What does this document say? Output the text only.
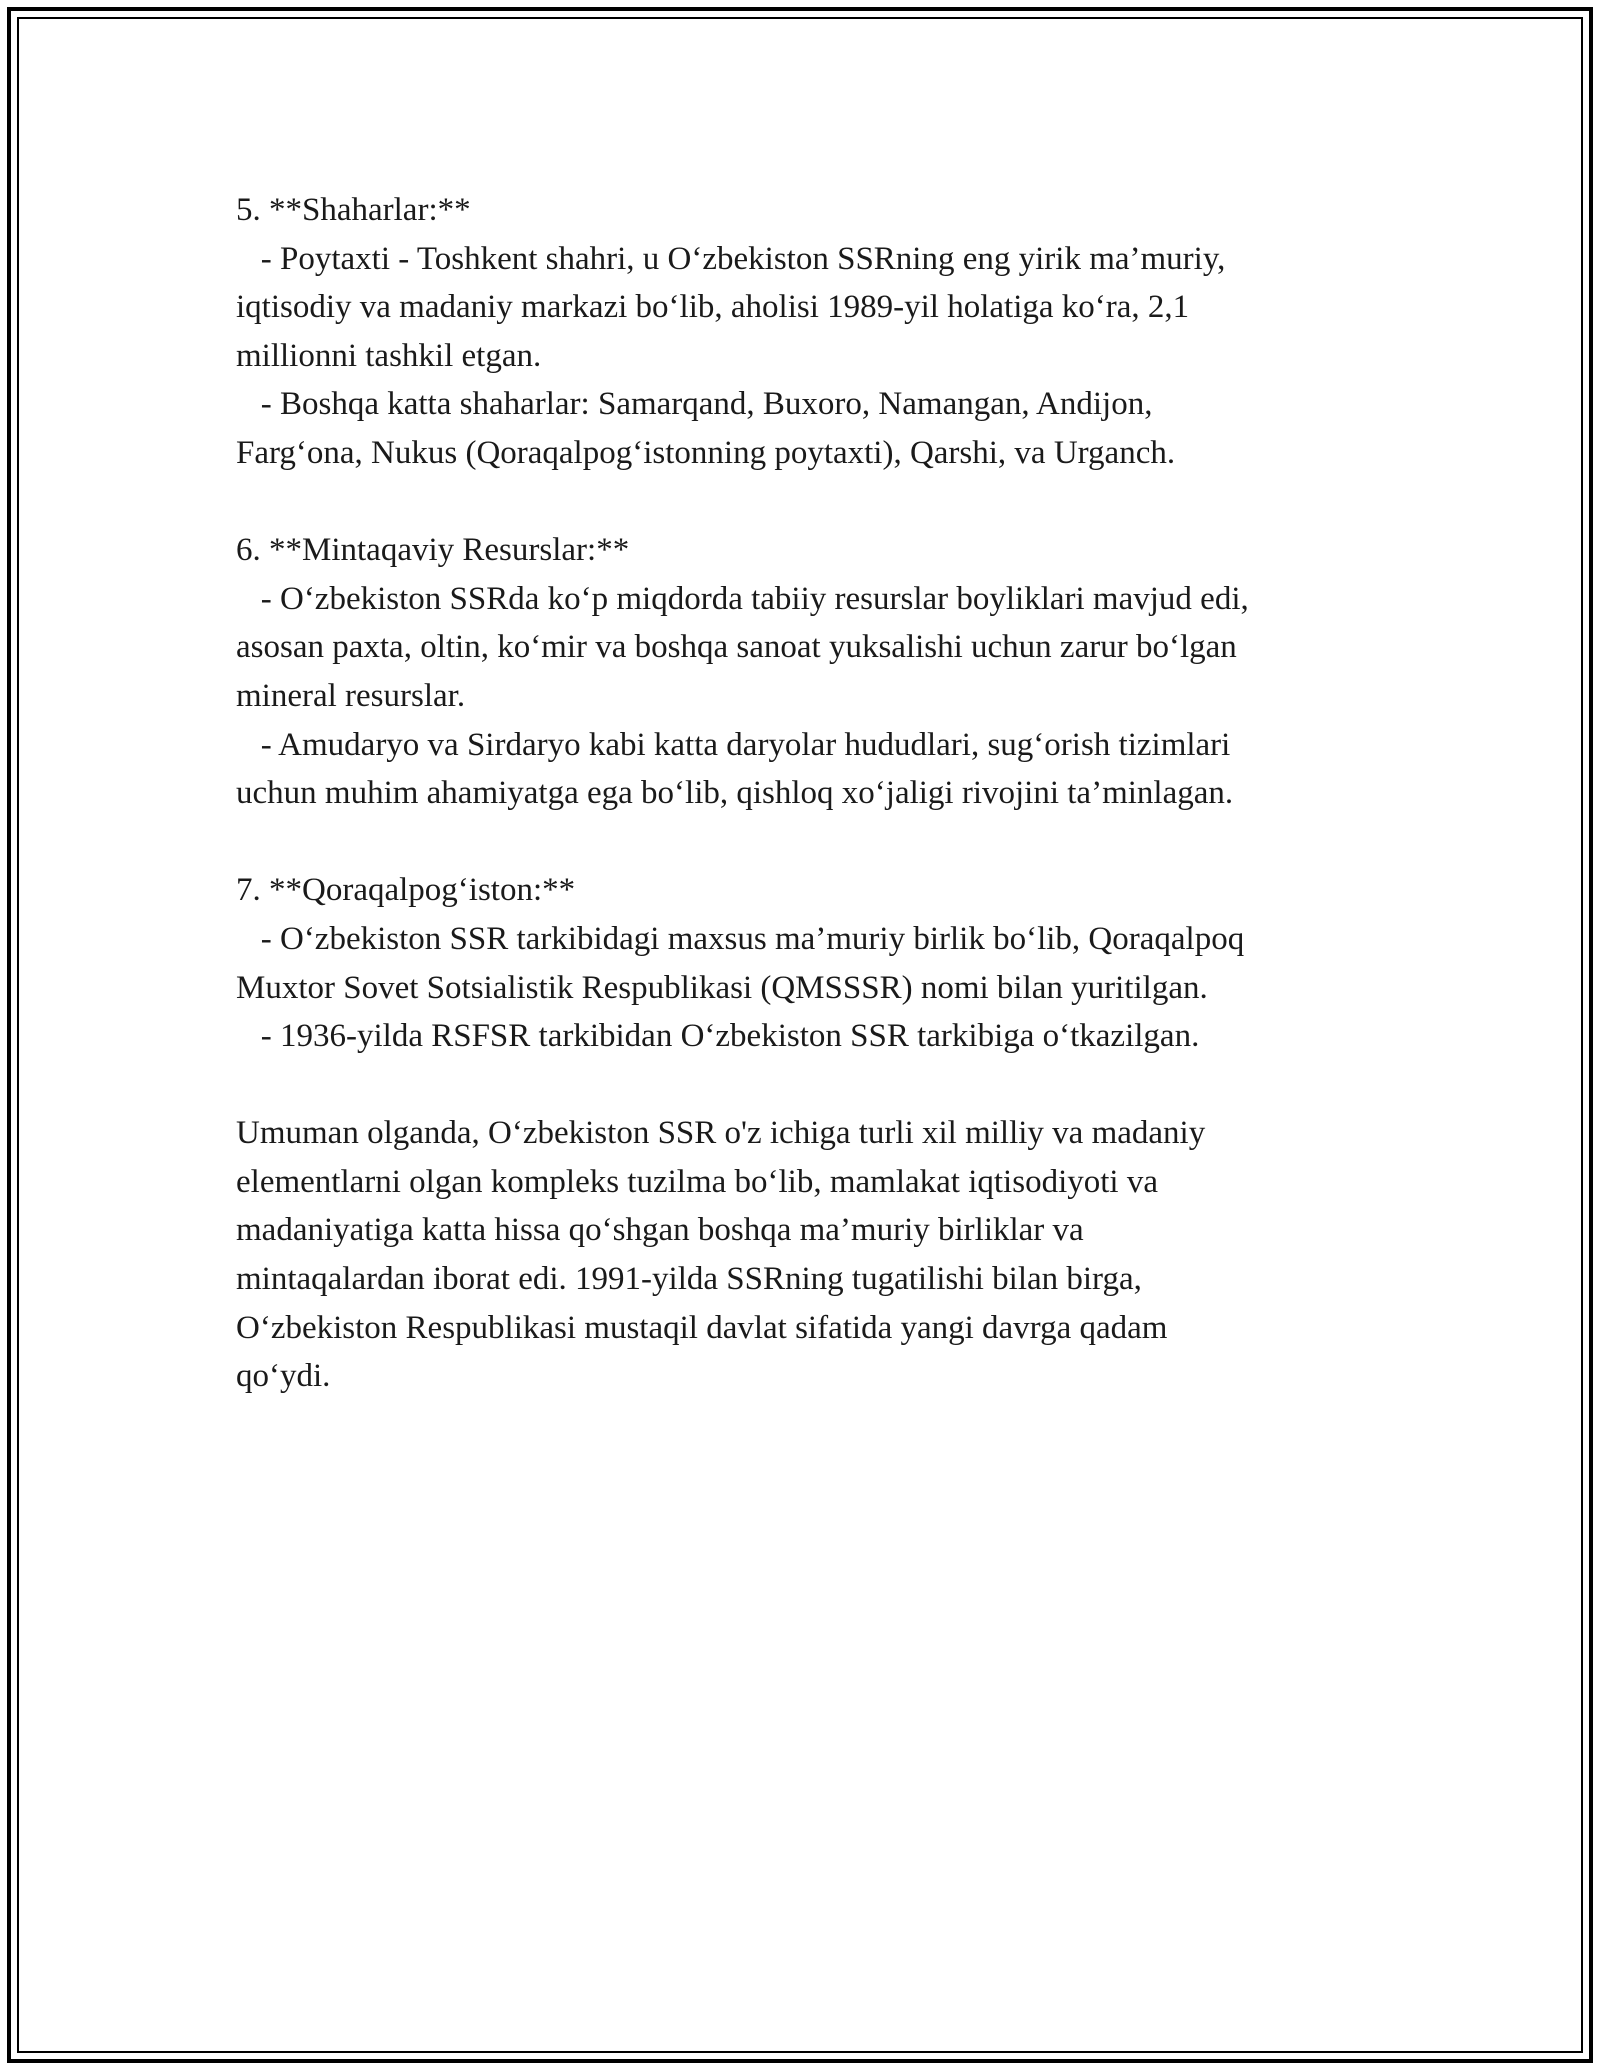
5. **Shaharlar:**

- Poytaxti - Toshkent shahri, u O‘zbekiston SSRning eng yirik ma’muriy,
iqtisodiy va madaniy markazi bo‘lib, aholisi 1989-yil holatiga ko‘ra, 2,1
millionni tashkil etgan.

- Boshqa katta shaharlar: Samarqand, Buxoro, Namangan, Andijon,
Farg‘ona, Nukus (Qoraqalpog‘istonning poytaxti), Qarshi, va Urganch.

6. **Mintaqaviy Resurslar:**

- O‘zbekiston SSRda ko‘p miqdorda tabiiy resurslar boyliklari mavjud edi,
asosan paxta, oltin, ko‘mir va boshqa sanoat yuksalishi uchun zarur bo‘lgan
mineral resurslar.

- Amudaryo va Sirdaryo kabi katta daryolar hududlari, sug‘orish tizimlari
uchun muhim ahamiyatga ega bo‘lib, qishloq xo‘jaligi rivojini ta’minlagan.

7. **Qoraqalpog‘iston:**

- O‘zbekiston SSR tarkibidagi maxsus ma’muriy birlik bo‘lib, Qoraqalpoq
Muxtor Sovet Sotsialistik Respublikasi (QMSSSR) nomi bilan yuritilgan.

- 1936-yilda RSFSR tarkibidan O‘zbekiston SSR tarkibiga o‘tkazilgan.

Umuman olganda, O‘zbekiston SSR o'z ichiga turli xil milliy va madaniy
elementlarni olgan kompleks tuzilma bo‘lib, mamlakat iqtisodiyoti va
madaniyatiga katta hissa qo‘shgan boshqa ma’muriy birliklar va
mintaqalardan iborat edi. 1991-yilda SSRning tugatilishi bilan birga,
O‘zbekiston Respublikasi mustaqil davlat sifatida yangi davrga qadam
qo‘ydi.
